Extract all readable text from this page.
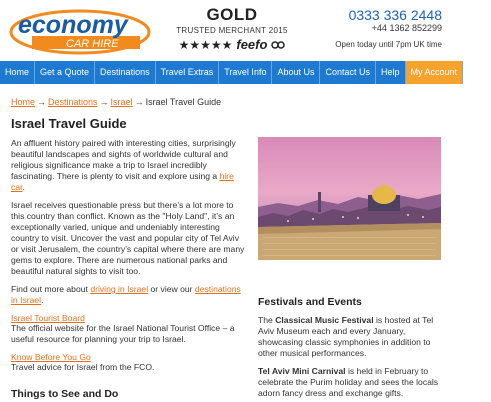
economy
CAR HIRE
GOLD
TRUSTED MERCHANT 2015
★★★★★ feefo
0333 336 2448
+44 1362 852299
Open today until 7pm UK time
Home	Get a Quote	Destinations	Travel Extras	Travel Info	About Us	Contact Us	Help	My Account	Blog
Home → Destinations → Israel → Israel Travel Guide
Israel Travel Guide

An affluent history paired with interesting cities, surprisingly beautiful landscapes and sights of worldwide cultural and religious significance make a trip to Israel incredibly fascinating. There is plenty to visit and explore using a hire car.

Israel receives questionable press but there’s a lot more to this country than conflict. Known as the "Holy Land", it’s an exceptionally varied, unique and undeniably interesting country to visit. Uncover the vast and popular city of Tel Aviv or visit Jerusalem, the country’s capital where there are many gems to explore. There are numerous national parks and beautiful natural sights to visit too.

Find out more about driving in Israel or view our destinations in Israel.

Israel Tourist Board
The official website for the Israel National Tourist Office – a useful resource for planning your trip to Israel.
Know Before You Go
Travel advice for Israel from the FCO.
Things to See and Do
Festivals and Events

The Classical Music Festival is hosted at Tel Aviv Museum each and every January, showcasing classic symphonies in addition to other musical performances.

Tel Aviv Mini Carnival is held in February to celebrate the Purim holiday and sees the locals adorn fancy dress and exchange gifts.
